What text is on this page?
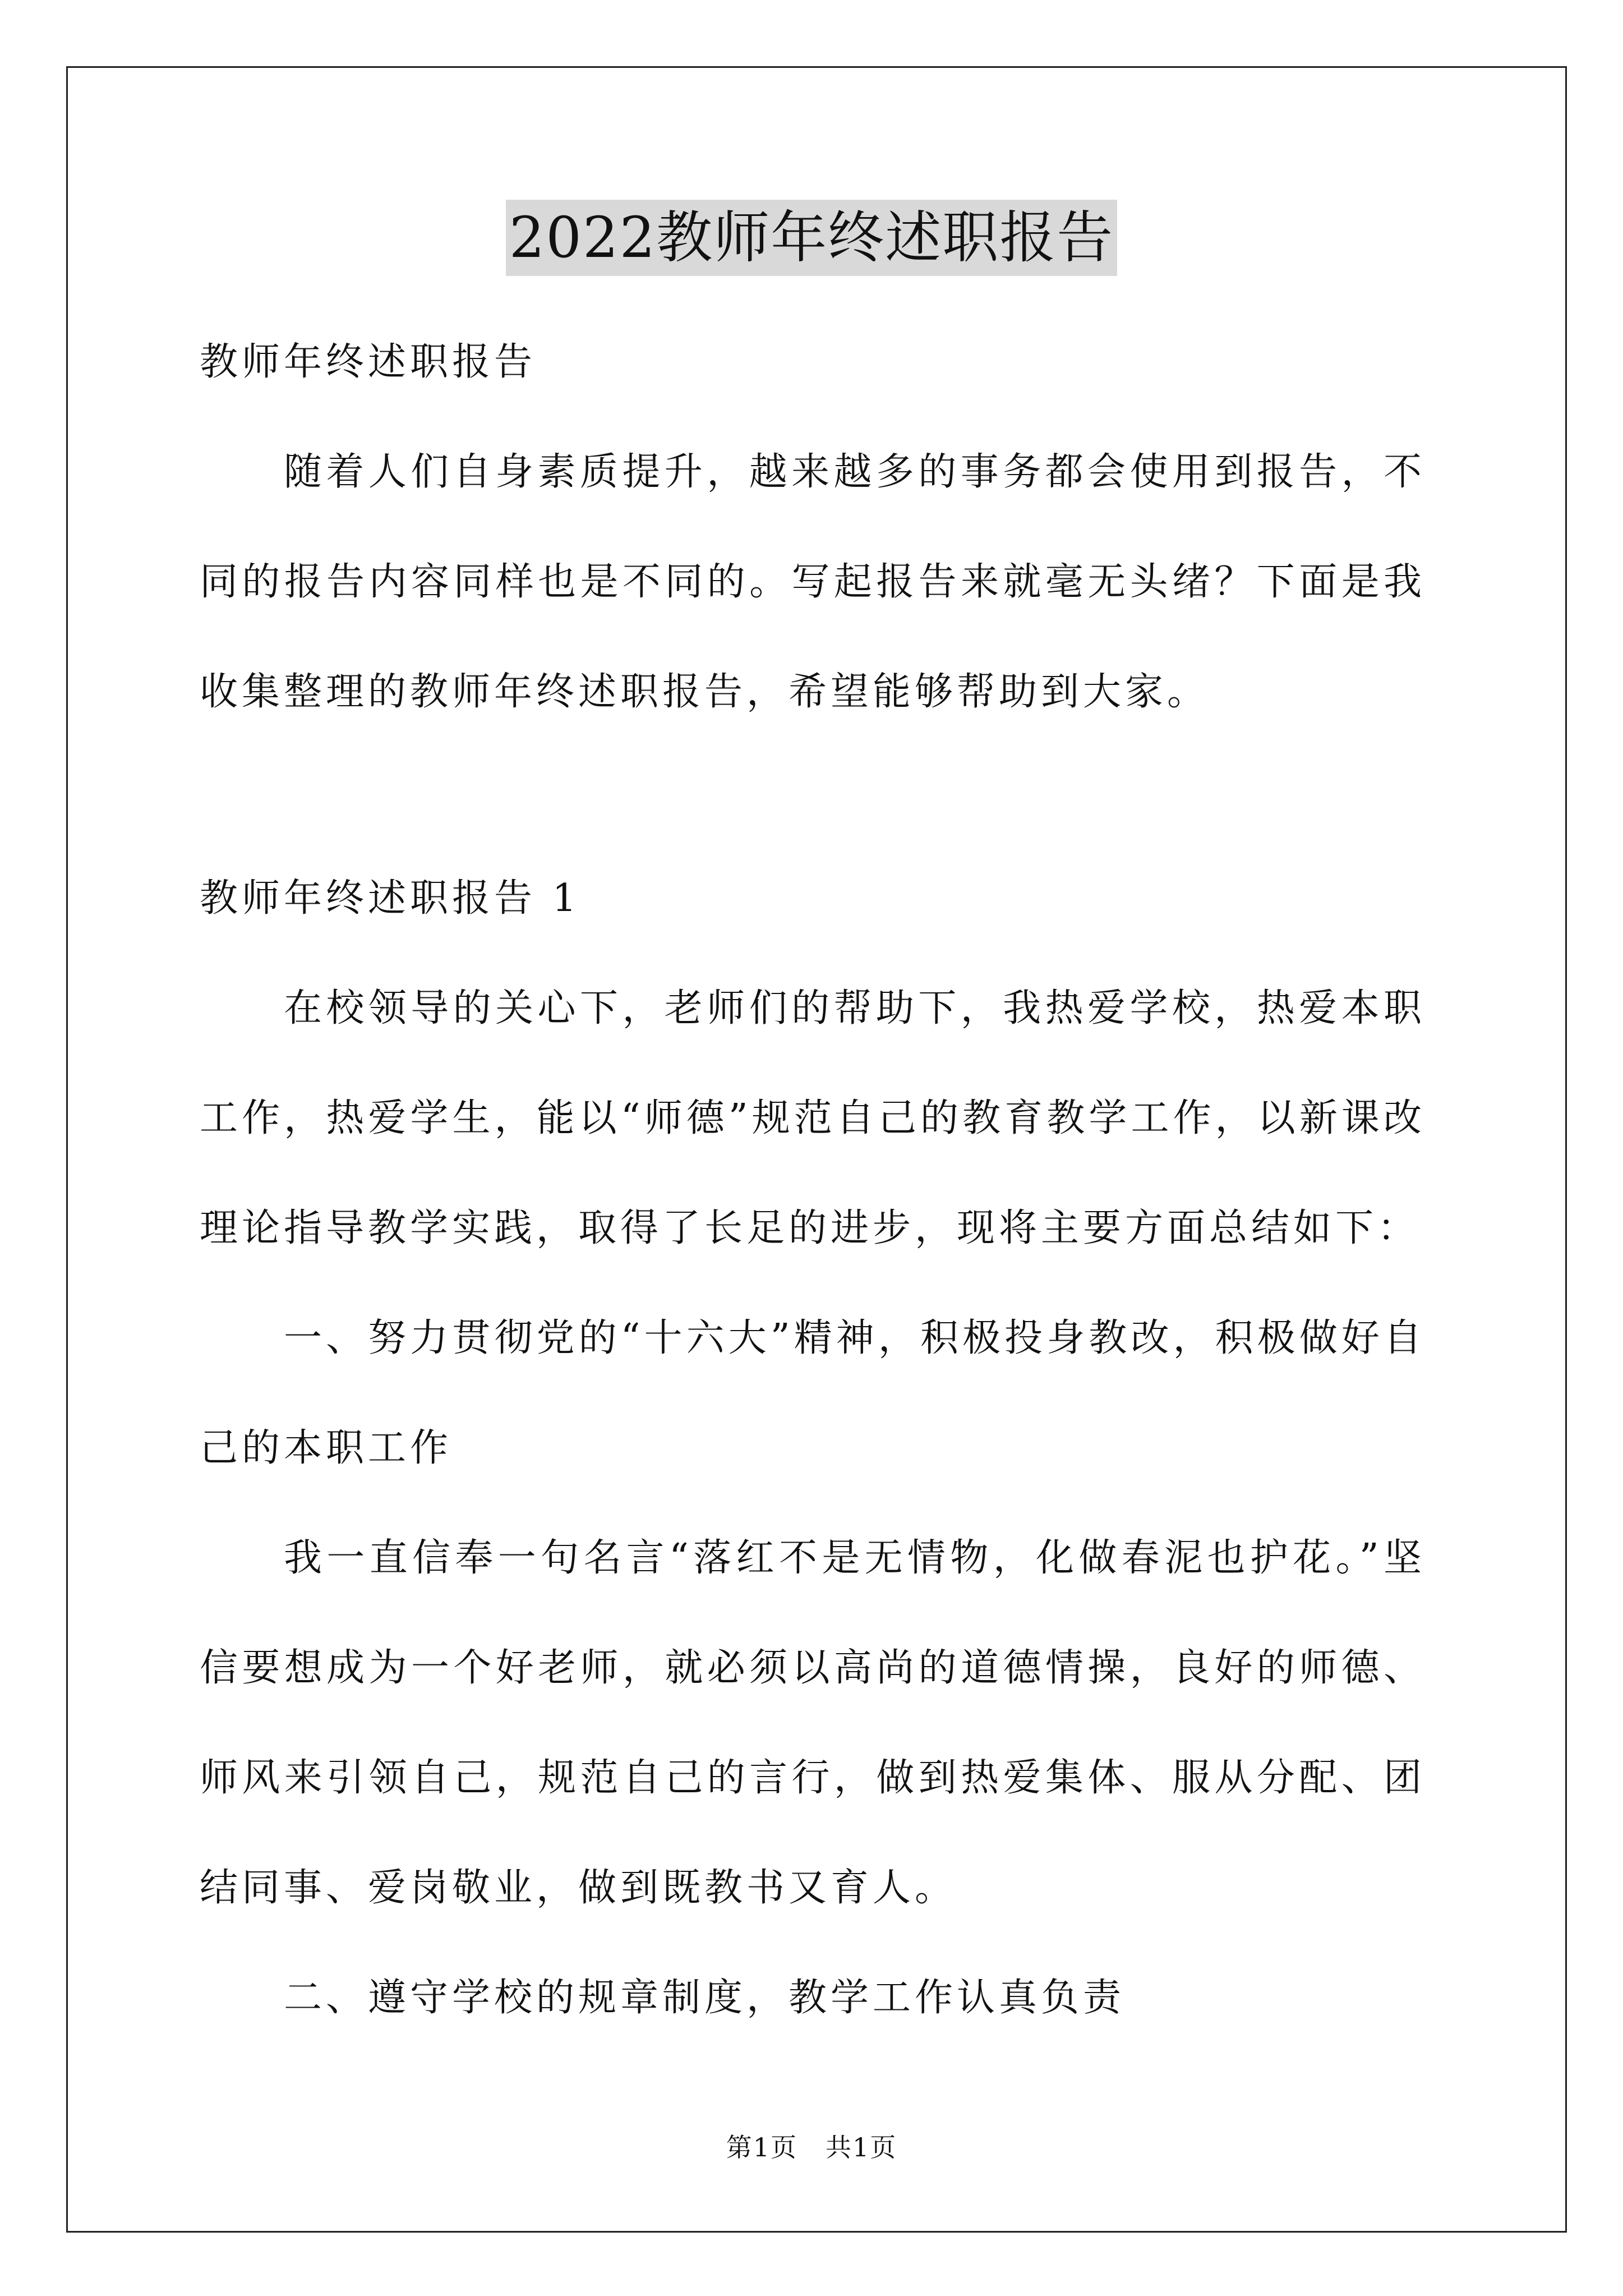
2022教师年终述职报告

教师年终述职报告

随着人们自身素质提升，越来越多的事务都会使用到报告，不同的报告内容同样也是不同的。写起报告来就毫无头绪？下面是我收集整理的教师年终述职报告，希望能够帮助到大家。

教师年终述职报告 1

在校领导的关心下，老师们的帮助下，我热爱学校，热爱本职工作，热爱学生，能以“师德”规范自己的教育教学工作，以新课改理论指导教学实践，取得了长足的进步，现将主要方面总结如下：

一、努力贯彻党的“十六大”精神，积极投身教改，积极做好自己的本职工作

我一直信奉一句名言“落红不是无情物，化做春泥也护花。”坚信要想成为一个好老师，就必须以高尚的道德情操，良好的师德、师风来引领自己，规范自己的言行，做到热爱集体、服从分配、团结同事、爱岗敬业，做到既教书又育人。

二、遵守学校的规章制度，教学工作认真负责

第1页 共1页
